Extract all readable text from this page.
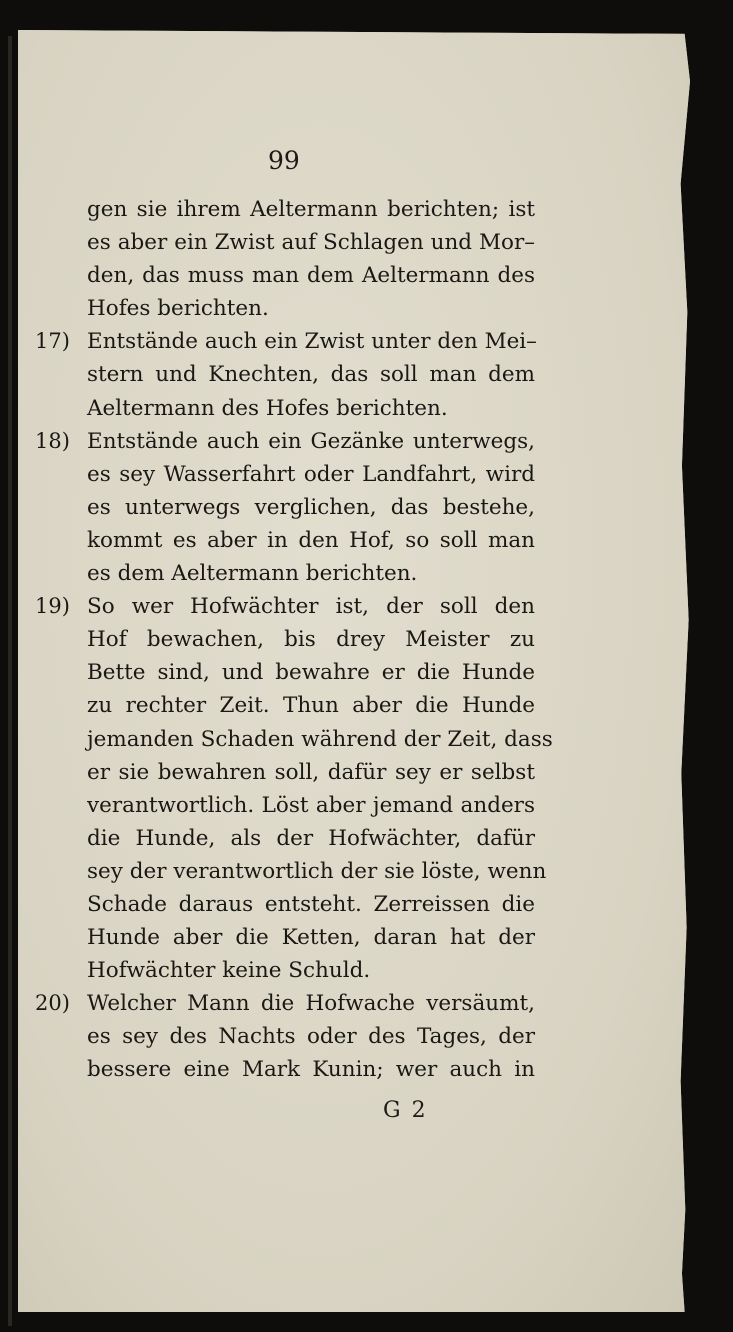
99
gen sie ihrem Aeltermann berichten; ist
es aber ein Zwist auf Schlagen und Mor–
den, das muss man dem Aeltermann des
Hofes berichten.
17) Entstände auch ein Zwist unter den Mei–
stern und Knechten, das soll man dem
Aeltermann des Hofes berichten.
18) Entstände auch ein Gezänke unterwegs,
es sey Wasserfahrt oder Landfahrt, wird
es unterwegs verglichen, das bestehe,
kommt es aber in den Hof, so soll man
es dem Aeltermann berichten.
19) So wer Hofwächter ist, der soll den
Hof bewachen, bis drey Meister zu
Bette sind, und bewahre er die Hunde
zu rechter Zeit. Thun aber die Hunde
jemanden Schaden während der Zeit, dass
er sie bewahren soll, dafür sey er selbst
verantwortlich. Löst aber jemand anders
die Hunde, als der Hofwächter, dafür
sey der verantwortlich der sie löste, wenn
Schade daraus entsteht. Zerreissen die
Hunde aber die Ketten, daran hat der
Hofwächter keine Schuld.
20) Welcher Mann die Hofwache versäumt,
es sey des Nachts oder des Tages, der
bessere eine Mark Kunin; wer auch in
G 2
